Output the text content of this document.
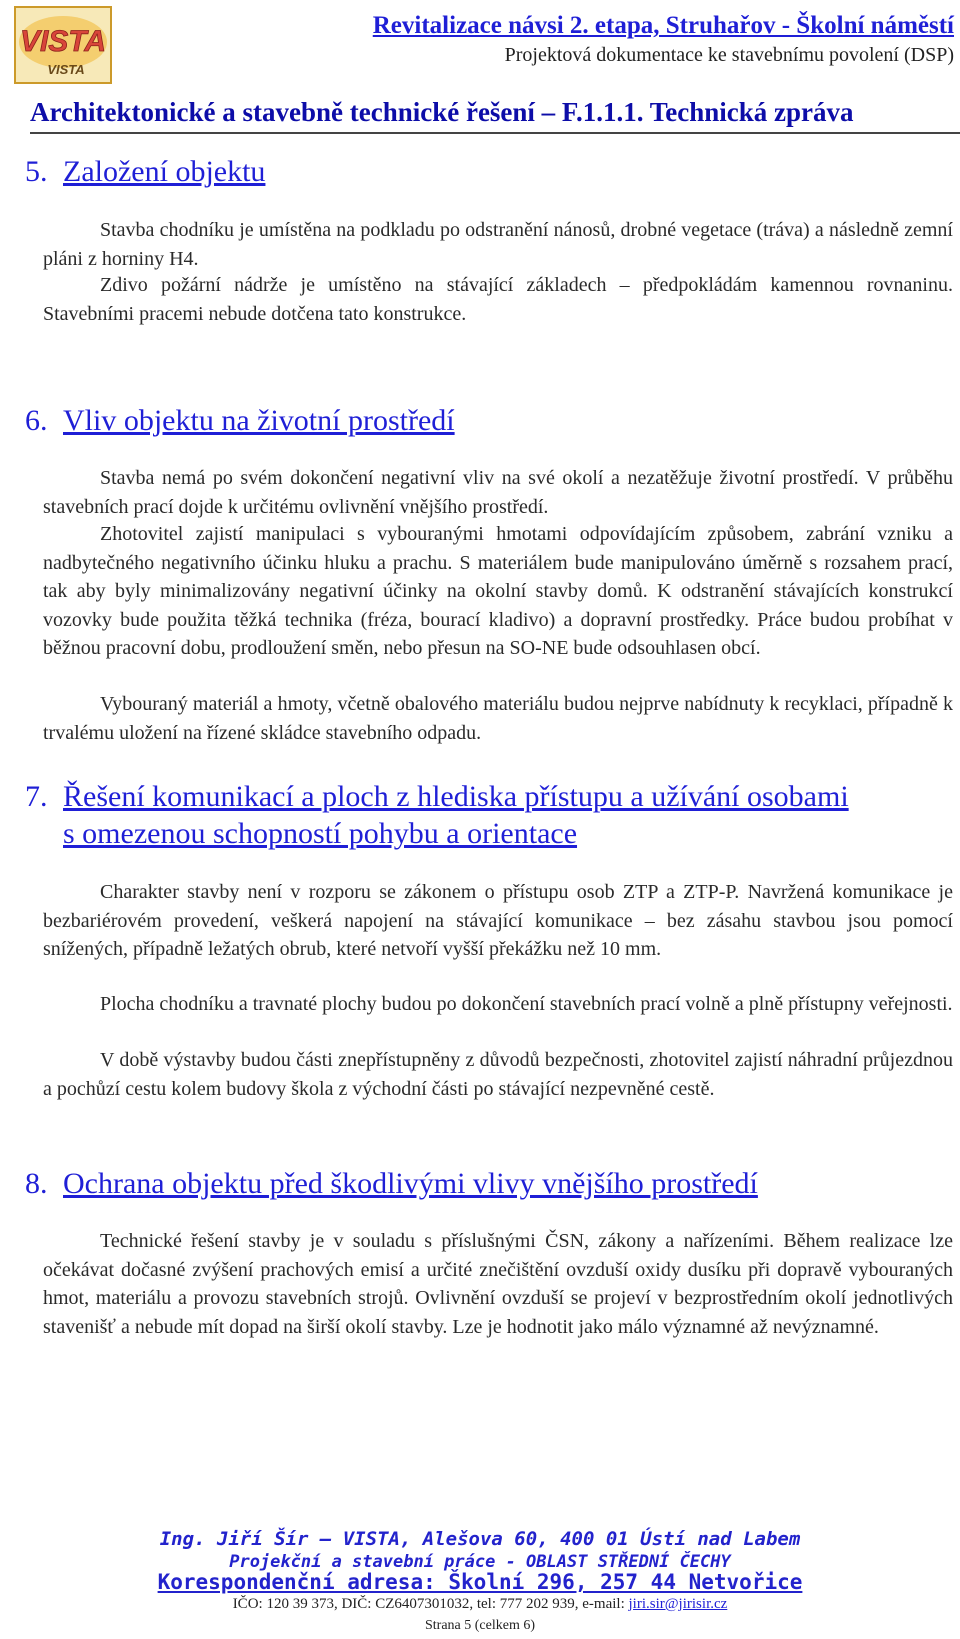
VISTA
VISTA
Revitalizace návsi 2. etapa, Struhařov - Školní náměstí
Projektová dokumentace ke stavebnímu povolení (DSP)
Architektonické a stavebně technické řešení – F.1.1.1. Technická zpráva
5. Založení objektu

Stavba chodníku je umístěna na podkladu po odstranění nánosů, drobné vegetace (tráva) a následně zemní pláni z horniny H4.

Zdivo požární nádrže je umístěno na stávající základech – předpokládám kamennou rovnaninu. Stavebními pracemi nebude dotčena tato konstrukce.

6. Vliv objektu na životní prostředí

Stavba nemá po svém dokončení negativní vliv na své okolí a nezatěžuje životní prostředí. V průběhu stavebních prací dojde k určitému ovlivnění vnějšího prostředí.

Zhotovitel zajistí manipulaci s vybouranými hmotami odpovídajícím způsobem, zabrání vzniku a nadbytečného negativního účinku hluku a prachu. S materiálem bude manipulováno úměrně s rozsahem prací, tak aby byly minimalizovány negativní účinky na okolní stavby domů. K odstranění stávajících konstrukcí vozovky bude použita těžká technika (fréza, bourací kladivo) a dopravní prostředky. Práce budou probíhat v běžnou pracovní dobu, prodloužení směn, nebo přesun na SO-NE bude odsouhlasen obcí.

Vybouraný materiál a hmoty, včetně obalového materiálu budou nejprve nabídnuty k recyklaci, případně k trvalému uložení na řízené skládce stavebního odpadu.

7. Řešení komunikací a ploch z hlediska přístupu a užívání osobami
s omezenou schopností pohybu a orientace

Charakter stavby není v rozporu se zákonem o přístupu osob ZTP a ZTP-P. Navržená komunikace je bezbariérovém provedení, veškerá napojení na stávající komunikace – bez zásahu stavbou jsou pomocí snížených, případně ležatých obrub, které netvoří vyšší překážku než 10 mm.

Plocha chodníku a travnaté plochy budou po dokončení stavebních prací volně a plně přístupny veřejnosti.

V době výstavby budou části znepřístupněny z důvodů bezpečnosti, zhotovitel zajistí náhradní průjezdnou a pochůzí cestu kolem budovy škola z východní části po stávající nezpevněné cestě.

8. Ochrana objektu před škodlivými vlivy vnějšího prostředí

Technické řešení stavby je v souladu s příslušnými ČSN, zákony a nařízeními. Během realizace lze očekávat dočasné zvýšení prachových emisí a určité znečištění ovzduší oxidy dusíku při dopravě vybouraných hmot, materiálu a provozu stavebních strojů. Ovlivnění ovzduší se projeví v bezprostředním okolí jednotlivých stavenišť a nebude mít dopad na širší okolí stavby. Lze je hodnotit jako málo významné až nevýznamné.

Ing. Jiří Šír – VISTA, Alešova 60, 400 01 Ústí nad Labem
Projekční a stavební práce - OBLAST STŘEDNÍ ČECHY
Korespondenční adresa: Školní 296, 257 44 Netvořice
IČO: 120 39 373, DIČ: CZ6407301032, tel: 777 202 939, e-mail: jiri.sir@jirisir.cz
Strana 5 (celkem 6)
